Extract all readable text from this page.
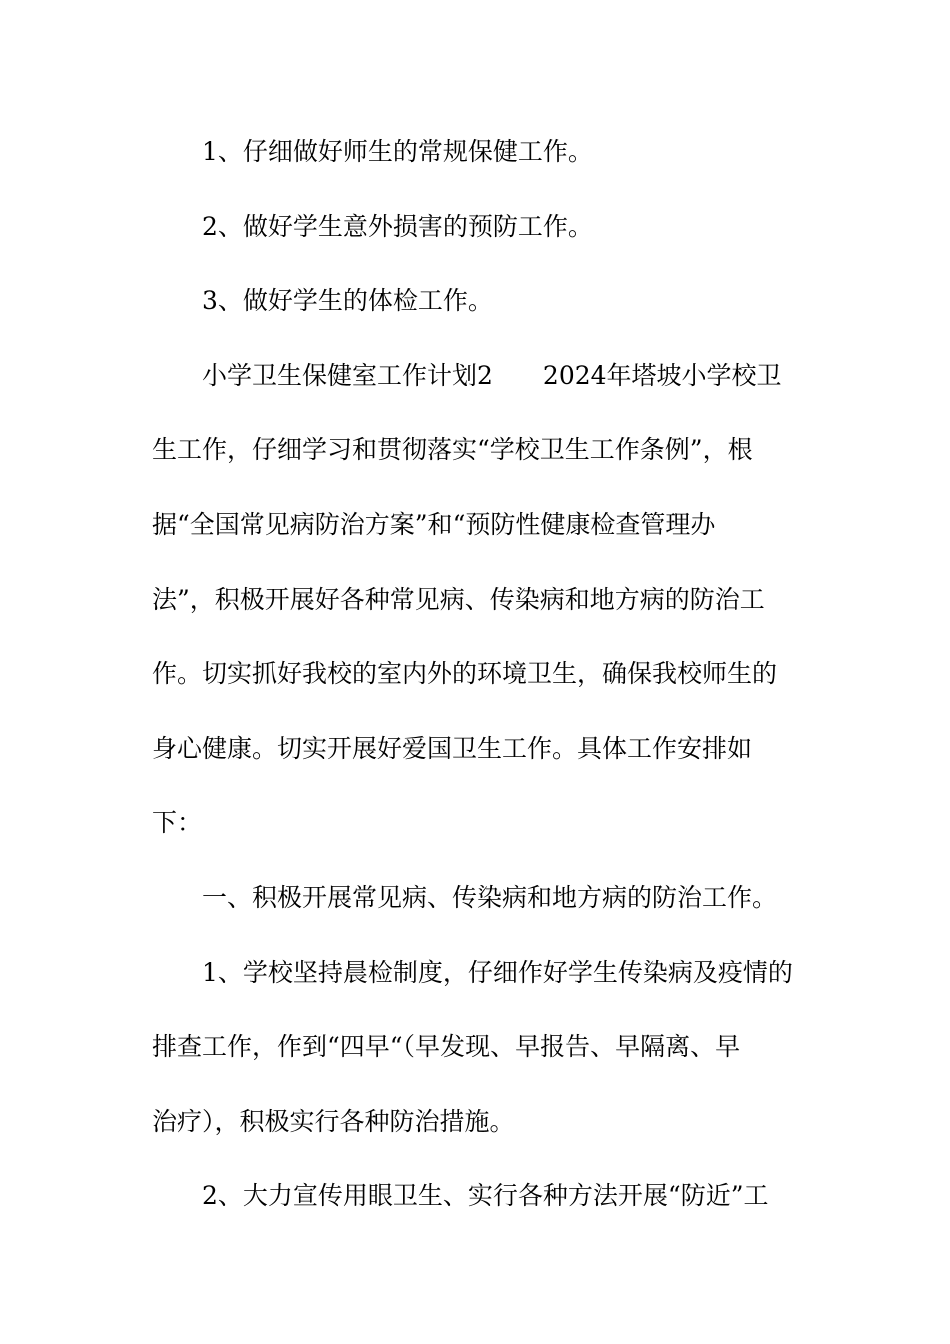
1、仔细做好师生的常规保健工作。
2、做好学生意外损害的预防工作。
3、做好学生的体检工作。
小学卫生保健室工作计划2　　2024年塔坡小学校卫
生工作，仔细学习和贯彻落实“学校卫生工作条例”，根
据“全国常见病防治方案”和“预防性健康检查管理办
法”，积极开展好各种常见病、传染病和地方病的防治工
作。切实抓好我校的室内外的环境卫生，确保我校师生的
身心健康。切实开展好爱国卫生工作。具体工作安排如
下：
一、积极开展常见病、传染病和地方病的防治工作。
1、学校坚持晨检制度，仔细作好学生传染病及疫情的
排查工作，作到“四早“（早发现、早报告、早隔离、早
治疗），积极实行各种防治措施。
2、大力宣传用眼卫生、实行各种方法开展“防近”工
